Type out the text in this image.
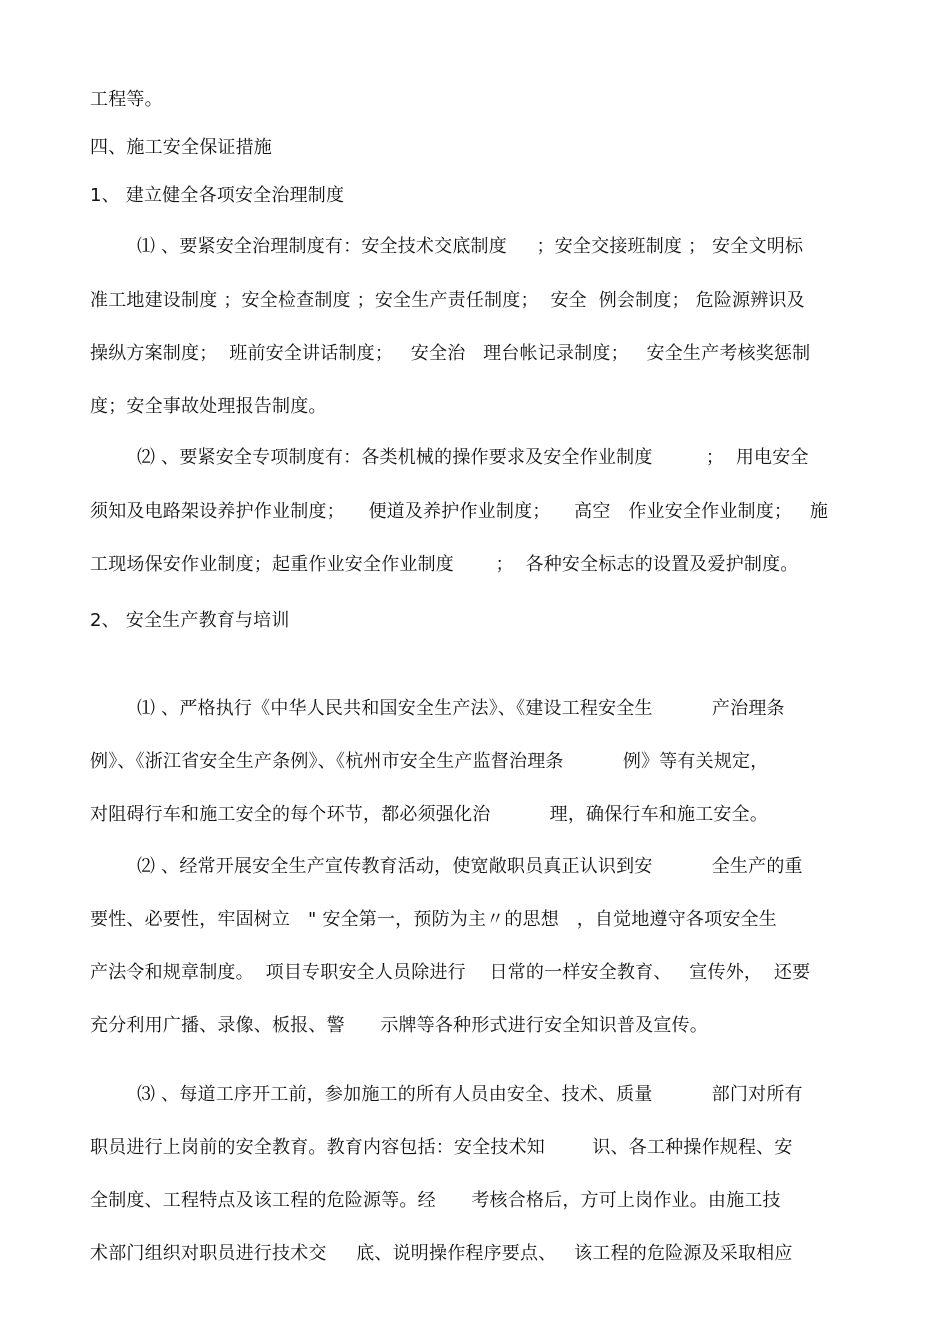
工程等。
四、施工安全保证措施
1、 建立健全各项安全治理制度
⑴ 、要紧安全治理制度有：安全技术交底制度     ；安全交接班制度 ； 安全文明标
准工地建设制度 ；安全检查制度 ；安全生产责任制度；  安全  例会制度； 危险源辨识及
操纵方案制度；  班前安全讲话制度；   安全治   理台帐记录制度；   安全生产考核奖惩制
度；安全事故处理报告制度。
⑵ 、要紧安全专项制度有：各类机械的操作要求及安全作业制度         ；  用电安全
须知及电路架设养护作业制度；    便道及养护作业制度；    高空   作业安全作业制度；   施
工现场保安作业制度；起重作业安全作业制度       ；  各种安全标志的设置及爱护制度。
2、 安全生产教育与培训
⑴ 、严格执行《中华人民共和国安全生产法》、《建设工程安全生          产治理条
例》、《浙江省安全生产条例》、《杭州市安全生产监督治理条          例》等有关规定，
对阻碍行车和施工安全的每个环节，都必须强化治          理，确保行车和施工安全。
⑵ 、经常开展安全生产宣传教育活动，使宽敞职员真正认识到安          全生产的重
要性、必要性，牢固树立   " 安全第一，预防为主〃的思想   ，自觉地遵守各项安全生
产法令和规章制度。  项目专职安全人员除进行    日常的一样安全教育、   宣传外，  还要
充分利用广播、录像、板报、警      示牌等各种形式进行安全知识普及宣传。
⑶ 、每道工序开工前，参加施工的所有人员由安全、技术、质量          部门对所有
职员进行上岗前的安全教育。教育内容包括：安全技术知        识、各工种操作规程、安
全制度、工程特点及该工程的危险源等。经      考核合格后，方可上岗作业。由施工技
术部门组织对职员进行技术交     底、说明操作程序要点、   该工程的危险源及采取相应
